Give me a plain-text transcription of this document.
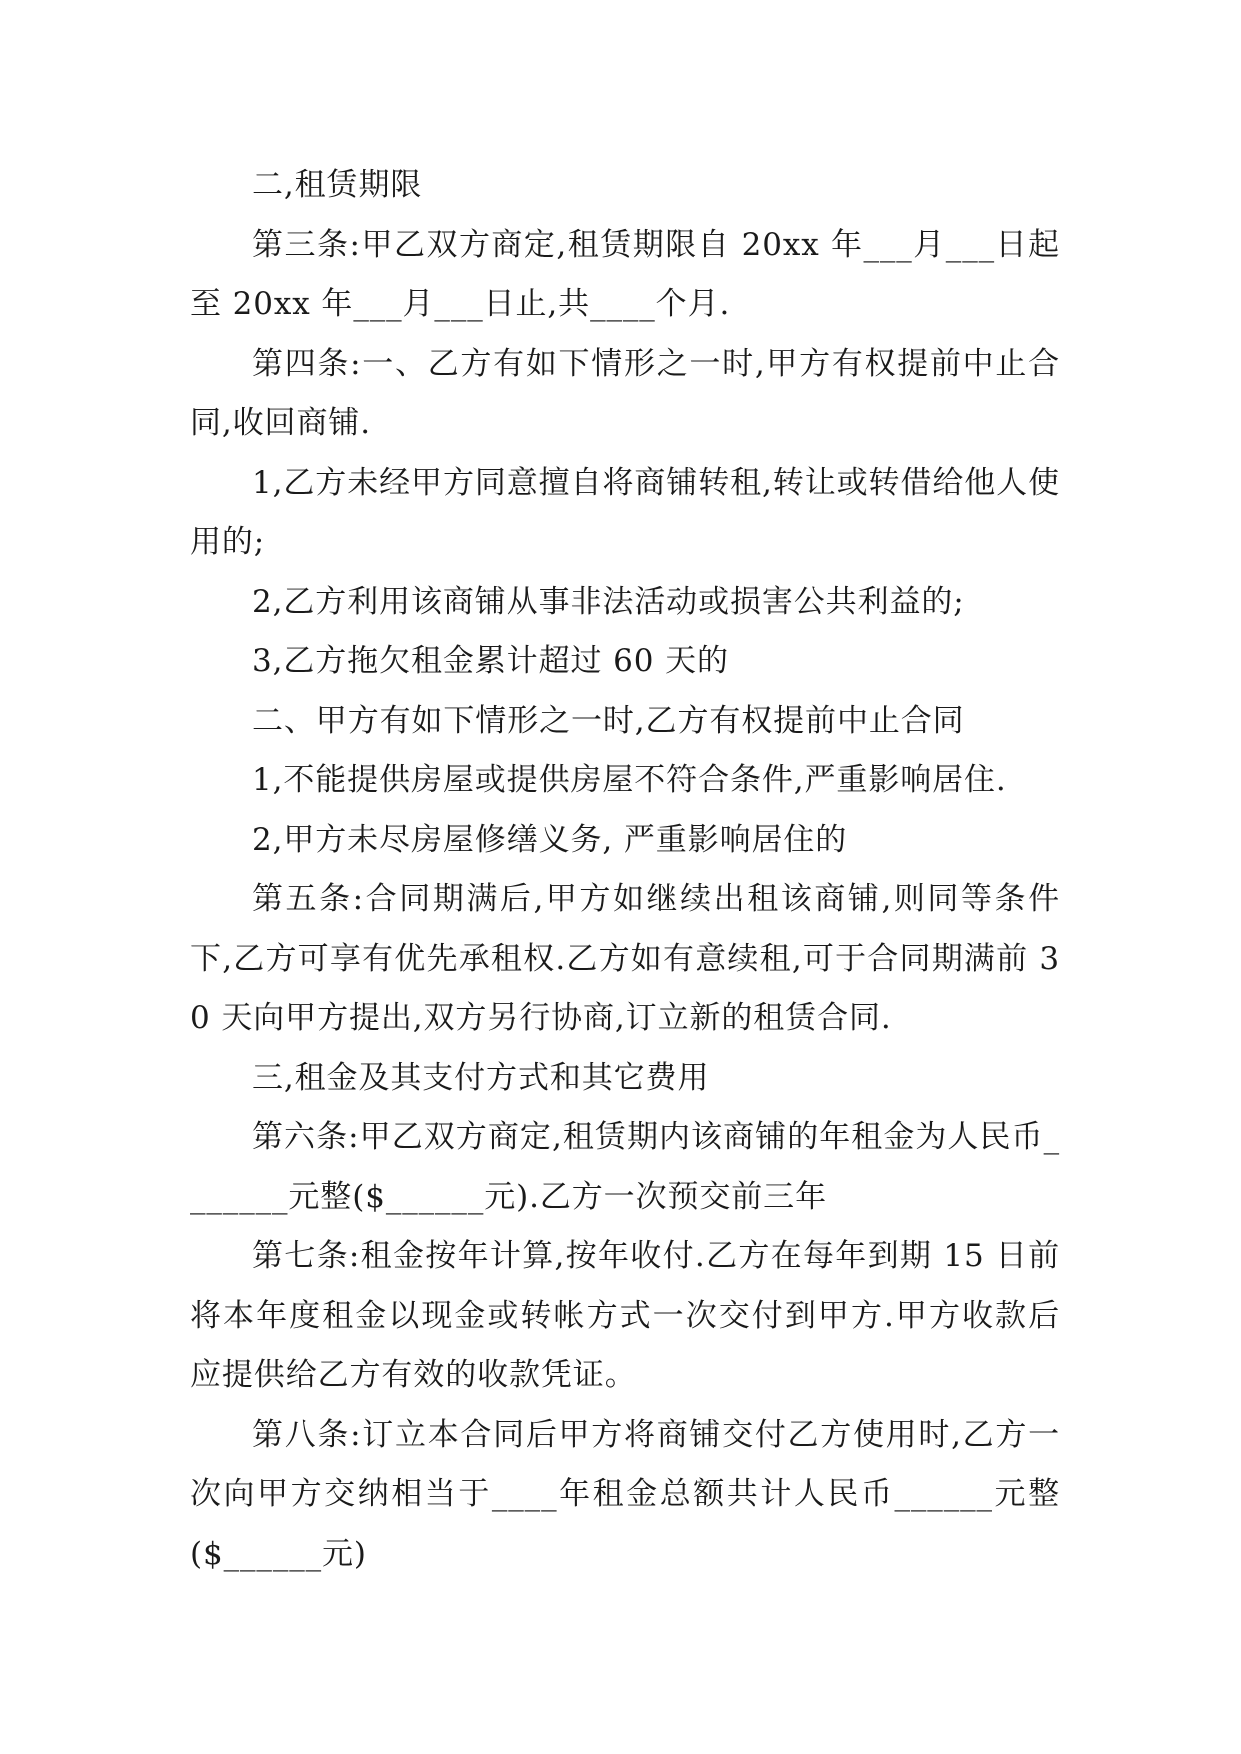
二,租赁期限

第三条:甲乙双方商定,租赁期限自 20xx 年___月___日起至 20xx 年___月___日止,共____个月.

第四条:一、乙方有如下情形之一时,甲方有权提前中止合同,收回商铺.

1,乙方未经甲方同意擅自将商铺转租,转让或转借给他人使用的;

2,乙方利用该商铺从事非法活动或损害公共利益的;

3,乙方拖欠租金累计超过 60 天的

二、甲方有如下情形之一时,乙方有权提前中止合同

1,不能提供房屋或提供房屋不符合条件,严重影响居住.

2,甲方未尽房屋修缮义务, 严重影响居住的

第五条:合同期满后,甲方如继续出租该商铺,则同等条件下,乙方可享有优先承租权.乙方如有意续租,可于合同期满前 30 天向甲方提出,双方另行协商,订立新的租赁合同.

三,租金及其支付方式和其它费用

第六条:甲乙双方商定,租赁期内该商铺的年租金为人民币_______元整($______元).乙方一次预交前三年

第七条:租金按年计算,按年收付.乙方在每年到期 15 日前将本年度租金以现金或转帐方式一次交付到甲方.甲方收款后应提供给乙方有效的收款凭证。

第八条:订立本合同后甲方将商铺交付乙方使用时,乙方一次向甲方交纳相当于____年租金总额共计人民币______元整($______元)
